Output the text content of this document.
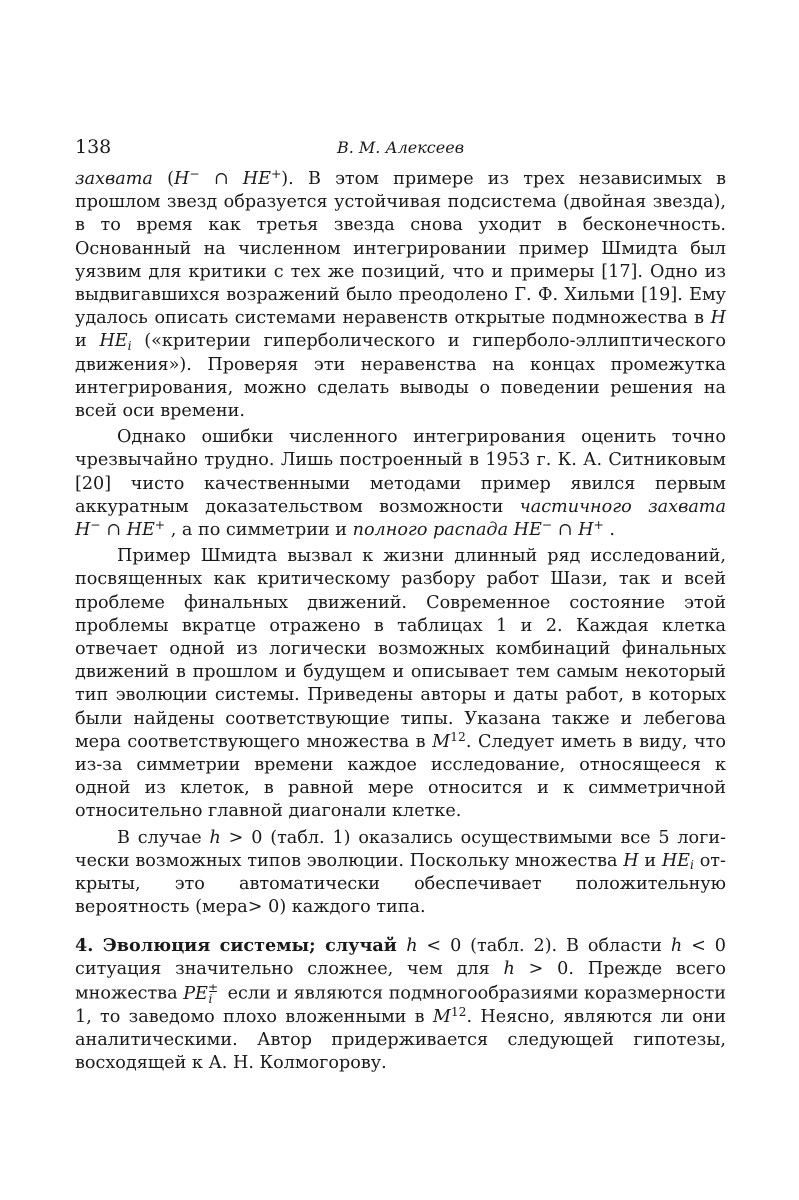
138	В. М. Алексеев

захвата (H− ∩ HE+). В этом примере из трех независимых в прошлом звезд образуется устойчивая подсистема (двойная звезда), в то время как третья звезда снова уходит в бесконечность. Основанный на численном интегрировании пример Шмидта был уязвим для критики с тех же позиций, что и примеры [17]. Одно из выдвигавшихся возражений было преодолено Г. Ф. Хильми [19]. Ему удалось описать системами неравенств открытые подмножества в H и $HE_i$ («критерии гиперболического и гиперболо-эллиптического движения»). Проверяя эти неравенства на концах промежутка интегрирования, можно сделать выводы о поведении решения на всей оси времени.

Однако ошибки численного интегрирования оценить точно чрезвычайно трудно. Лишь построенный в 1953 г. К. А. Ситниковым [20] чисто качественными методами пример явился первым аккуратным доказательством возможности частичного захвата H− ∩ HE+ , а по симметрии и полного распада HE− ∩ H+ .

Пример Шмидта вызвал к жизни длинный ряд исследований, посвященных как критическому разбору работ Шази, так и всей проблеме финальных движений. Современное состояние этой проблемы вкратце отражено в таблицах 1 и 2. Каждая клетка отвечает одной из логически возможных комбинаций финальных движений в прошлом и будущем и описывает тем самым некоторый тип эволюции системы. Приведены авторы и даты работ, в которых были найдены соответствующие типы. Указана также и лебегова мера соответствующего множества в $M^{12}$. Следует иметь в виду, что из-за симметрии времени каждое исследование, относящееся к одной из клеток, в равной мере относится и к симметричной относительно главной диагонали клетке.

В случае h > 0 (табл. 1) оказались осуществимыми все 5 логически возможных типов эволюции. Поскольку множества H и $HE_i$ открыты, это автоматически обеспечивает положительную вероятность (мера> 0) каждого типа.

4. Эволюция системы; случай h < 0 (табл. 2). В области h < 0 ситуация значительно сложнее, чем для h > 0. Прежде всего множества PE ±
i если и являются подмногообразиями коразмерности 1, то заведомо плохо вложенными в $M^{12}$. Неясно, являются ли они аналитическими. Автор придерживается следующей гипотезы, восходящей к А. Н. Колмогорову.
